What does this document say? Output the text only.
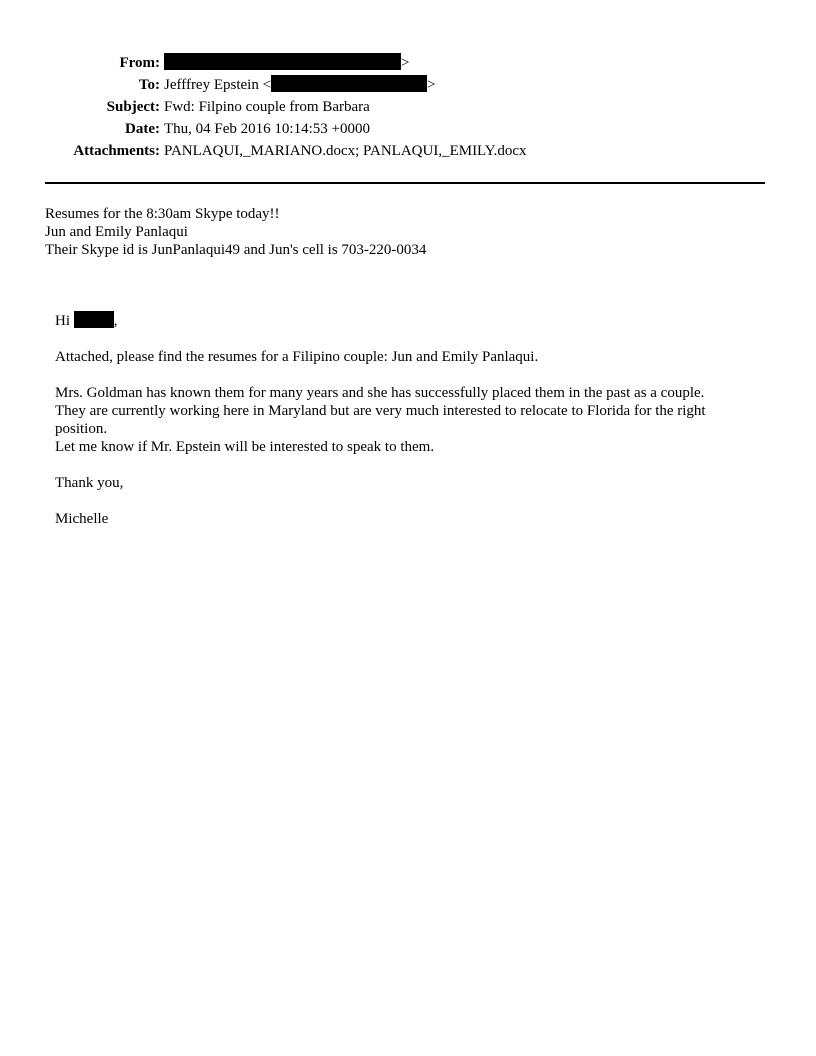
From:	>
To: Jefffrey Epstein <	>
Subject: Fwd: Filpino couple from Barbara
Date: Thu, 04 Feb 2016 10:14:53 +0000
Attachments: PANLAQUI,_MARIANO.docx; PANLAQUI,_EMILY.docx
Resumes for the 8:30am Skype today!!
Jun and Emily Panlaqui
Their Skype id is JunPanlaqui49 and Jun's cell is 703-220-0034

Hi	,

Attached, please find the resumes for a Filipino couple: Jun and Emily Panlaqui.

Mrs. Goldman has known them for many years and she has successfully placed them in the past as a couple.
They are currently working here in Maryland but are very much interested to relocate to Florida for the right
position.
Let me know if Mr. Epstein will be interested to speak to them.

Thank you,

Michelle
